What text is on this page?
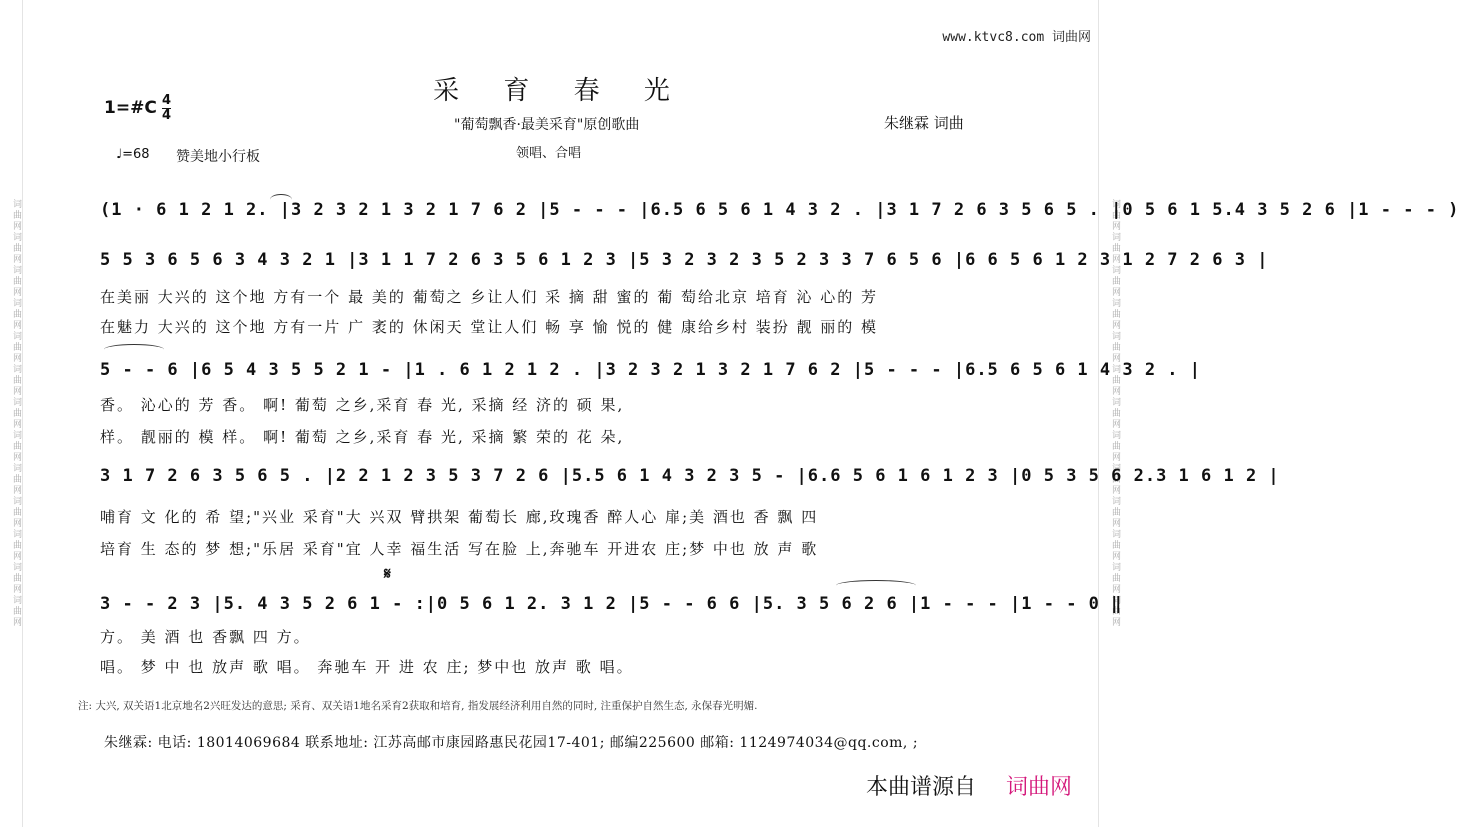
词曲网词曲网词曲网词曲网词曲网词曲网词曲网词曲网词曲网词曲网词曲网词曲网词曲网	词曲网词曲网词曲网词曲网词曲网词曲网词曲网词曲网词曲网词曲网词曲网词曲网词曲网
www.ktvc8.com 词曲网
采 育 春 光
1=#C 4
4
♩=68 赞美地小行板
"葡萄飘香·最美采育"原创歌曲
领唱、合唱
朱继霖 词曲
(1 · 6 1 2 1 2. |3 2 3 2 1 3 2 1 7 6 2 |5 - - - |6.5 6 5 6 1 4 3 2 . |3 1 7 2 6 3 5 6 5 . |0 5 6 1 5.4 3 5 2 6 |1 - - - )
5 5 3 6 5 6 3 4 3 2 1 |3 1 1 7 2 6 3 5 6 1 2 3 |5 3 2 3 2 3 5 2 3 3 7 6 5 6 |6 6 5 6 1 2 3 1 2 7 2 6 3 |
在美丽 大兴的 这个地 方有一个 最 美的 葡萄之 乡让人们 采 摘 甜 蜜的 葡 萄给北京 培育 沁 心的 芳
在魅力 大兴的 这个地 方有一片 广 袤的 休闲天 堂让人们 畅 享 愉 悦的 健 康给乡村 装扮 靓 丽的 模
5 - - 6 |6 5 4 3 5 5 2 1 - |1 . 6 1 2 1 2 . |3 2 3 2 1 3 2 1 7 6 2 |5 - - - |6.5 6 5 6 1 4 3 2 . |
香。 沁心的 芳 香。 啊! 葡萄 之乡,采育 春 光, 采摘 经 济的 硕 果,
样。 靓丽的 模 样。 啊! 葡萄 之乡,采育 春 光, 采摘 繁 荣的 花 朵,
3 1 7 2 6 3 5 6 5 . |2 2 1 2 3 5 3 7 2 6 |5.5 6 1 4 3 2 3 5 - |6.6 5 6 1 6 1 2 3 |0 5 3 5 6 2.3 1 6 1 2 |
哺育 文 化的 希 望;"兴业 采育"大 兴双 臂拱架 葡萄长 廊,玫瑰香 醉人心 扉;美 酒也 香 飘 四
培育 生 态的 梦 想;"乐居 采育"宜 人幸 福生活 写在脸 上,奔驰车 开进农 庄;梦 中也 放 声 歌
𝄋
3 - - 2 3 |5. 4 3 5 2 6 1 - :|0 5 6 1 2. 3 1 2 |5 - - 6 6 |5. 3 5 6 2 6 |1 - - - |1 - - 0 ‖
方。 美 酒 也 香飘 四 方。
唱。 梦 中 也 放声 歌 唱。 奔驰车 开 进 农 庄; 梦中也 放声 歌 唱。
注: 大兴, 双关语1北京地名2兴旺发达的意思; 采育、双关语1地名采育2获取和培育, 指发展经济利用自然的同时, 注重保护自然生态, 永保春光明媚.
朱继霖: 电话: 18014069684 联系地址: 江苏高邮市康园路惠民花园17-401; 邮编225600 邮箱: 1124974034@qq.com, ;
本曲谱源自 词曲网
